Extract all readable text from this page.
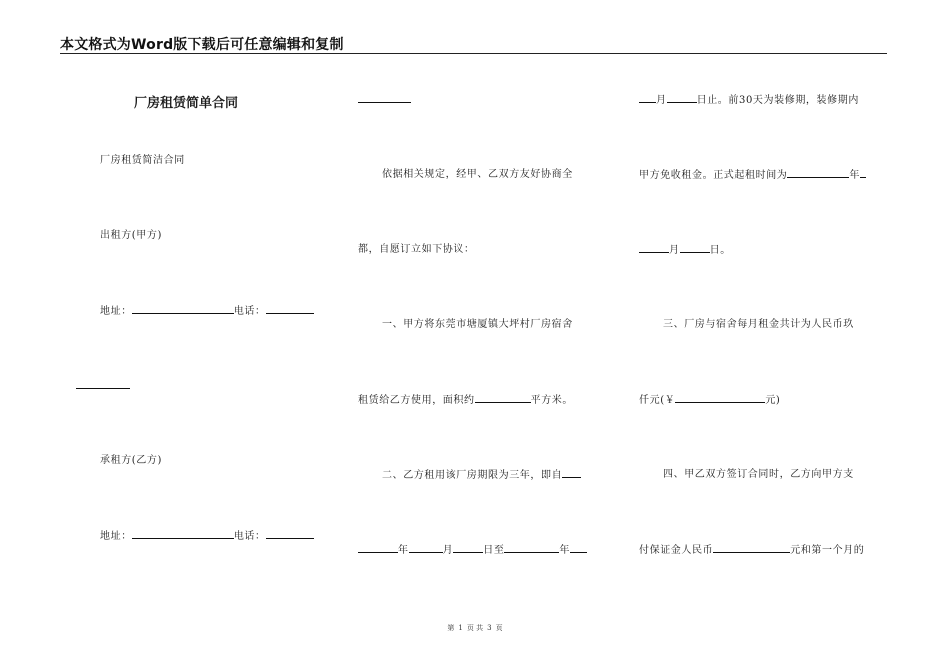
本文格式为Word版下载后可任意编辑和复制
厂房租赁简单合同
厂房租赁简洁合同
出租方(甲方)
地址：	电话：
承租方(乙方)
地址：	电话：
依据相关规定，经甲、乙双方友好协商全
都，自愿订立如下协议：
一、甲方将东莞市塘厦镇大坪村厂房宿舍
租赁给乙方使用，面积约	平方米。
二、乙方租用该厂房期限为三年，即自
年	月	日至	年
月	日止。前30天为装修期，装修期内
甲方免收租金。正式起租时间为	年
月	日。
三、厂房与宿舍每月租金共计为人民币玖
仟元(￥	元)
四、甲乙双方签订合同时，乙方向甲方支
付保证金人民币	元和第一个月的
第 1 页 共 3 页
